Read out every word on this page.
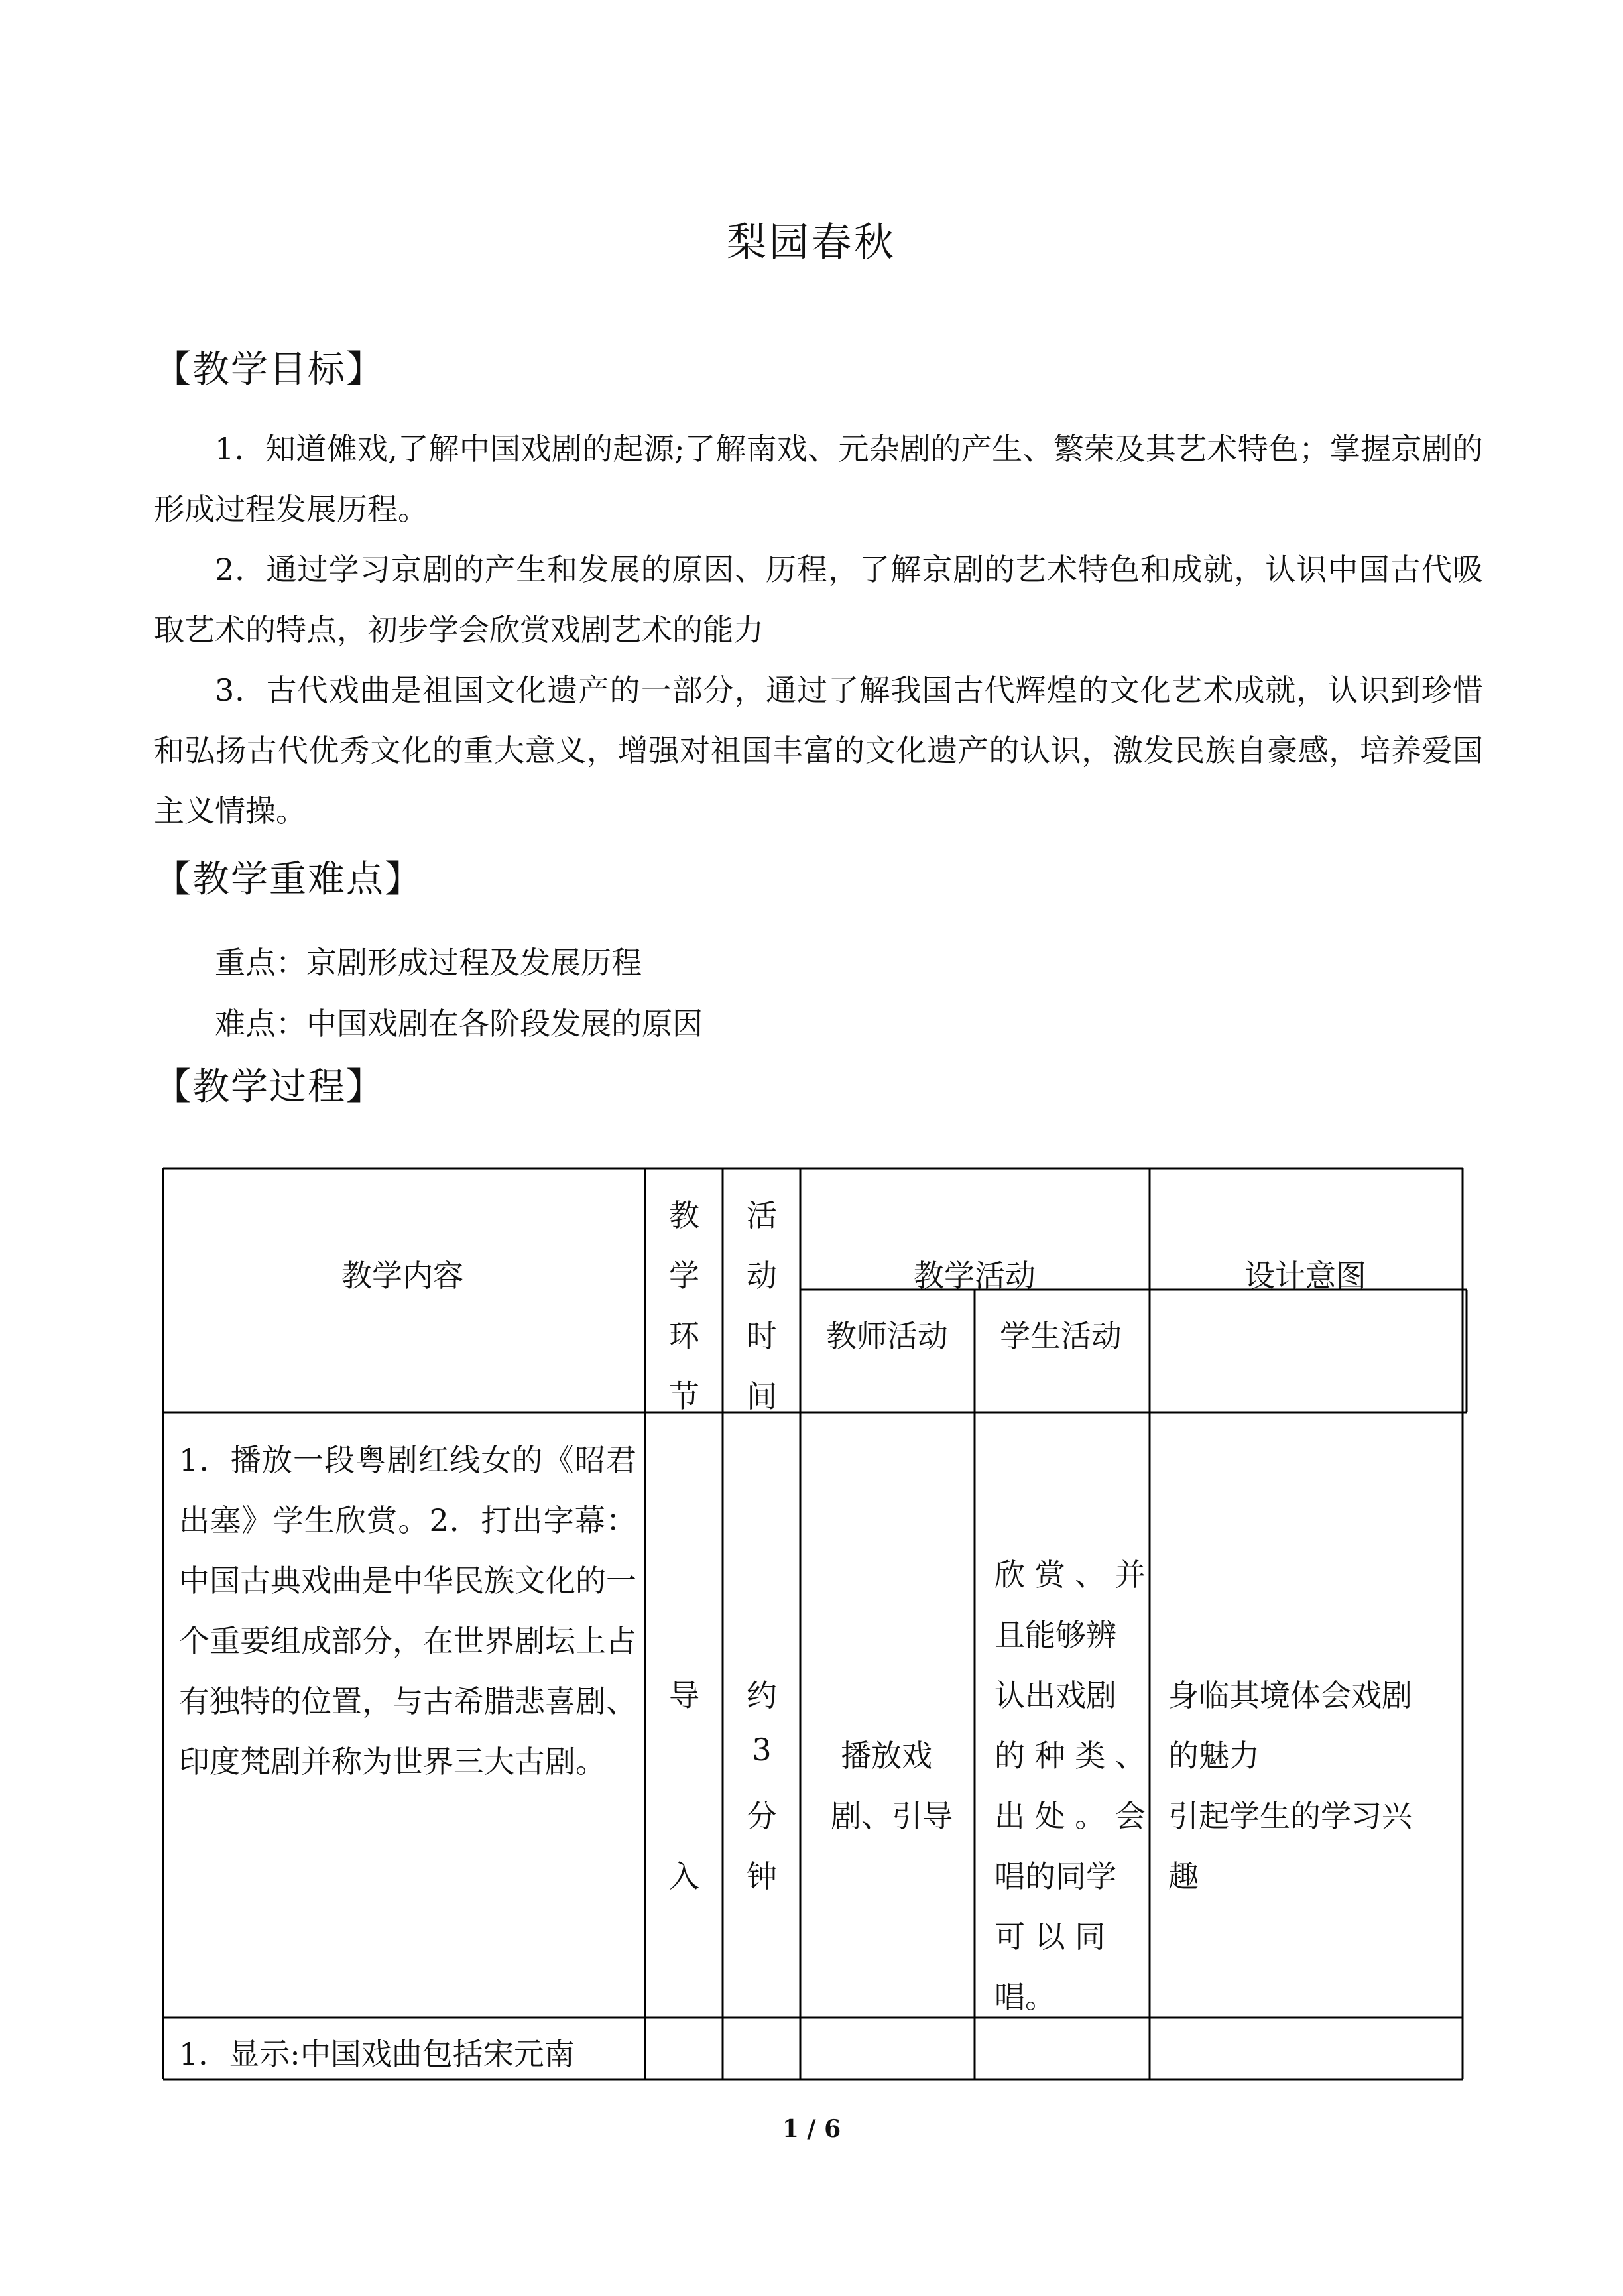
梨园春秋
【教学目标】
1．知道傩戏,了解中国戏剧的起源;了解南戏、元杂剧的产生、繁荣及其艺术特色；掌握京剧的形成过程发展历程。
2．通过学习京剧的产生和发展的原因、历程，了解京剧的艺术特色和成就，认识中国古代吸取艺术的特点，初步学会欣赏戏剧艺术的能力
3．古代戏曲是祖国文化遗产的一部分，通过了解我国古代辉煌的文化艺术成就，认识到珍惜和弘扬古代优秀文化的重大意义，增强对祖国丰富的文化遗产的认识，激发民族自豪感，培养爱国主义情操。
【教学重难点】
重点：京剧形成过程及发展历程
难点：中国戏剧在各阶段发展的原因
【教学过程】
教学内容
教
学
环
节
活
动
时
间
教学活动
教师活动 学生活动
设计意图
1．播放一段粤剧红线女的《昭君出塞》学生欣赏。2．打出字幕：中国古典戏曲是中华民族文化的一个重要组成部分，在世界剧坛上占有独特的位置，与古希腊悲喜剧、印度梵剧并称为世界三大古剧。
导
入
约
3
分
钟
播放戏
剧、引导
欣 赏 、 并
且能够辨
认出戏剧
的 种 类 、
出 处 。 会
唱的同学
可 以 同
唱。
身临其境体会戏剧
的魅力
引起学生的学习兴
趣
1．显示:中国戏曲包括宋元南
1 / 6
